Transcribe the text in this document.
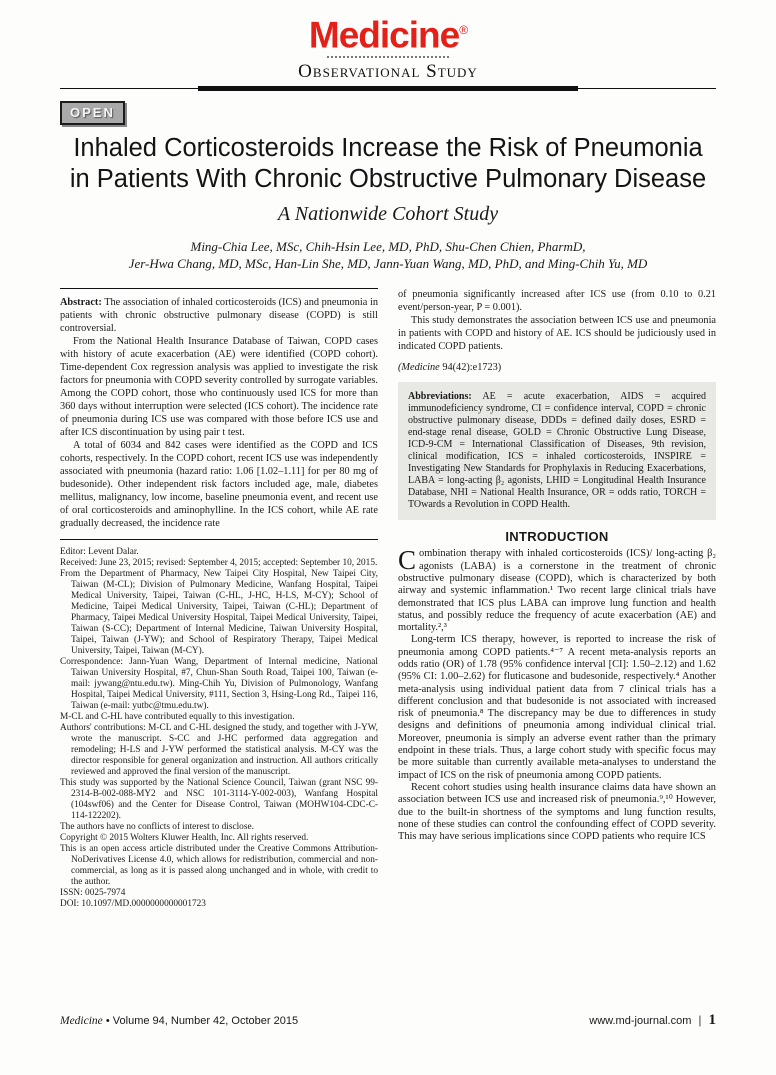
Medicine®
Observational Study
OPEN
Inhaled Corticosteroids Increase the Risk of Pneumonia in Patients With Chronic Obstructive Pulmonary Disease
A Nationwide Cohort Study
Ming-Chia Lee, MSc, Chih-Hsin Lee, MD, PhD, Shu-Chen Chien, PharmD,
Jer-Hwa Chang, MD, MSc, Han-Lin She, MD, Jann-Yuan Wang, MD, PhD, and Ming-Chih Yu, MD

Abstract: The association of inhaled corticosteroids (ICS) and pneumonia in patients with chronic obstructive pulmonary disease (COPD) is still controversial.

From the National Health Insurance Database of Taiwan, COPD cases with history of acute exacerbation (AE) were identified (COPD cohort). Time-dependent Cox regression analysis was applied to investigate the risk factors for pneumonia with COPD severity controlled by surrogate variables. Among the COPD cohort, those who continuously used ICS for more than 360 days without interruption were selected (ICS cohort). The incidence rate of pneumonia during ICS use was compared with those before ICS use and after ICS discontinuation by using pair t test.

A total of 6034 and 842 cases were identified as the COPD and ICS cohorts, respectively. In the COPD cohort, recent ICS use was independently associated with pneumonia (hazard ratio: 1.06 [1.02–1.11] for per 80 mg of budesonide). Other independent risk factors included age, male, diabetes mellitus, malignancy, low income, baseline pneumonia event, and recent use of oral corticosteroids and aminophylline. In the ICS cohort, while AE rate gradually decreased, the incidence rate

Editor: Levent Dalar.
Received: June 23, 2015; revised: September 4, 2015; accepted: September 10, 2015.
From the Department of Pharmacy, New Taipei City Hospital, New Taipei City, Taiwan (M-CL); Division of Pulmonary Medicine, Wanfang Hospital, Taipei Medical University, Taipei, Taiwan (C-HL, J-HC, H-LS, M-CY); School of Medicine, Taipei Medical University, Taipei, Taiwan (C-HL); Department of Pharmacy, Taipei Medical University Hospital, Taipei Medical University, Taipei, Taiwan (S-CC); Department of Internal Medicine, Taiwan University Hospital, Taipei, Taiwan (J-YW); and School of Respiratory Therapy, Taipei Medical University, Taipei, Taiwan (M-CY).
Correspondence: Jann-Yuan Wang, Department of Internal medicine, National Taiwan University Hospital, #7, Chun-Shan South Road, Taipei 100, Taiwan (e-mail: jywang@ntu.edu.tw). Ming-Chih Yu, Division of Pulmonology, Wanfang Hospital, Taipei Medical University, #111, Section 3, Hsing-Long Rd., Taipei 116, Taiwan (e-mail: yutbc@tmu.edu.tw).
M-CL and C-HL have contributed equally to this investigation.
Authors' contributions: M-CL and C-HL designed the study, and together with J-YW, wrote the manuscript. S-CC and J-HC performed data aggregation and remodeling; H-LS and J-YW performed the statistical analysis. M-CY was the director responsible for general organization and instruction. All authors critically reviewed and approved the final version of the manuscript.
This study was supported by the National Science Council, Taiwan (grant NSC 99-2314-B-002-088-MY2 and NSC 101-3114-Y-002-003), Wanfang Hospital (104swf06) and the Center for Disease Control, Taiwan (MOHW104-CDC-C-114-122202).
The authors have no conflicts of interest to disclose.
Copyright © 2015 Wolters Kluwer Health, Inc. All rights reserved.
This is an open access article distributed under the Creative Commons Attribution-NoDerivatives License 4.0, which allows for redistribution, commercial and non-commercial, as long as it is passed along unchanged and in whole, with credit to the author.
ISSN: 0025-7974
DOI: 10.1097/MD.0000000000001723

of pneumonia significantly increased after ICS use (from 0.10 to 0.21 event/person-year, P = 0.001).

This study demonstrates the association between ICS use and pneumonia in patients with COPD and history of AE. ICS should be judiciously used in indicated COPD patients.

(Medicine 94(42):e1723)

Abbreviations: AE = acute exacerbation, AIDS = acquired immunodeficiency syndrome, CI = confidence interval, COPD = chronic obstructive pulmonary disease, DDDs = defined daily doses, ESRD = end-stage renal disease, GOLD = Chronic Obstructive Lung Disease, ICD-9-CM = International Classification of Diseases, 9th revision, clinical modification, ICS = inhaled corticosteroids, INSPIRE = Investigating New Standards for Prophylaxis in Reducing Exacerbations, LABA = long-acting β₂ agonists, LHID = Longitudinal Health Insurance Database, NHI = National Health Insurance, OR = odds ratio, TORCH = TOwards a Revolution in COPD Health.
INTRODUCTION

Combination therapy with inhaled corticosteroids (ICS)/ long-acting β₂ agonists (LABA) is a cornerstone in the treatment of chronic obstructive pulmonary disease (COPD), which is characterized by both airway and systemic inflammation.¹ Two recent large clinical trials have demonstrated that ICS plus LABA can improve lung function and health status, and possibly reduce the frequency of acute exacerbation (AE) and mortality.²,³

Long-term ICS therapy, however, is reported to increase the risk of pneumonia among COPD patients.⁴⁻⁷ A recent meta-analysis reports an odds ratio (OR) of 1.78 (95% confidence interval [CI]: 1.50–2.12) and 1.62 (95% CI: 1.00–2.62) for fluticasone and budesonide, respectively.⁴ Another meta-analysis using individual patient data from 7 clinical trials has a different conclusion and that budesonide is not associated with increased risk of pneumonia.⁸ The discrepancy may be due to differences in study designs and definitions of pneumonia among individual clinical trial. Moreover, pneumonia is simply an adverse event rather than the primary endpoint in these trials. Thus, a large cohort study with specific focus may be more suitable than currently available meta-analyses to understand the impact of ICS on the risk of pneumonia among COPD patients.

Recent cohort studies using health insurance claims data have shown an association between ICS use and increased risk of pneumonia.⁹,¹⁰ However, due to the built-in shortness of the symptoms and lung function results, none of these studies can control the confounding effect of COPD severity. This may have serious implications since COPD patients who require ICS

Medicine • Volume 94, Number 42, October 2015	www.md-journal.com | 1
